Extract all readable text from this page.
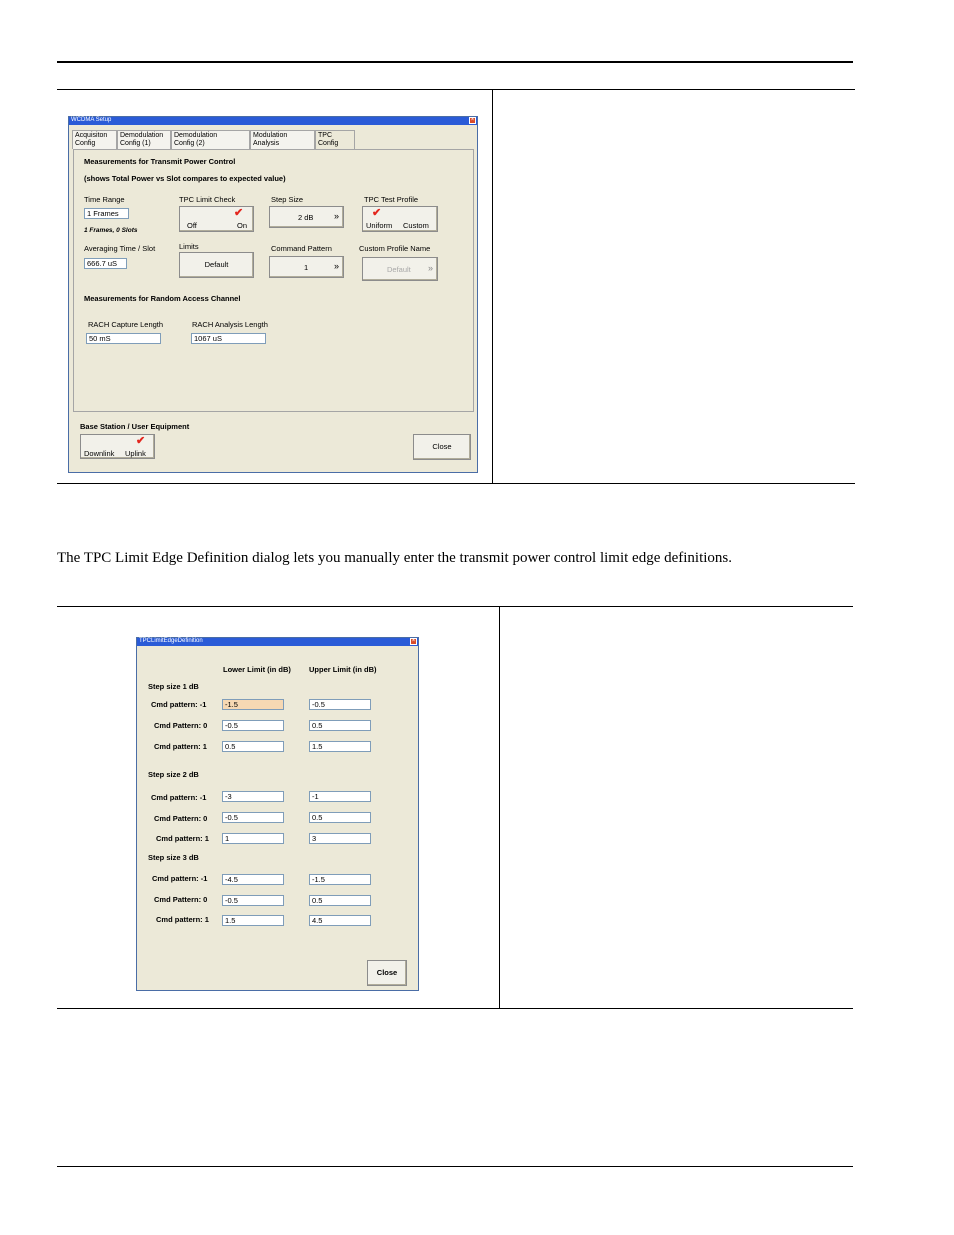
WCDMA Setup	×
Acquisiton
Config
Demodulation
Config (1)
Demodulation
Config (2)
Modulation
Analysis
TPC
Config
Measurements for Transmit Power Control
(shows Total Power vs Slot compares to expected value)
Time Range
1 Frames
1 Frames, 0 Slots
TPC Limit Check
✔
Off	On
Step Size
2 dB »
TPC Test Profile
✔
Uniform Custom
Averaging Time / Slot
666.7 uS
Limits
Default
Command Pattern
1	»
Custom Profile Name
Default »
Measurements for Random Access Channel
RACH Capture Length
50 mS
RACH Analysis Length
1067 uS
Base Station / User Equipment
✔
Downlink Uplink
Close
The TPC Limit Edge Definition dialog lets you manually enter the transmit power control limit edge definitions.
TPCLimitEdgeDefinition	×
Lower Limit (in dB) Upper Limit (in dB)
Step size 1 dB
Cmd pattern: -1	-1.5	-0.5
Cmd Pattern: 0	-0.5	0.5
Cmd pattern: 1	0.5	1.5
Step size 2 dB
Cmd pattern: -1	-3	-1
Cmd Pattern: 0	-0.5	0.5
Cmd pattern: 1	1	3
Step size 3 dB
Cmd pattern: -1	-4.5	-1.5
Cmd Pattern: 0	-0.5	0.5
Cmd pattern: 1	1.5	4.5
Close
